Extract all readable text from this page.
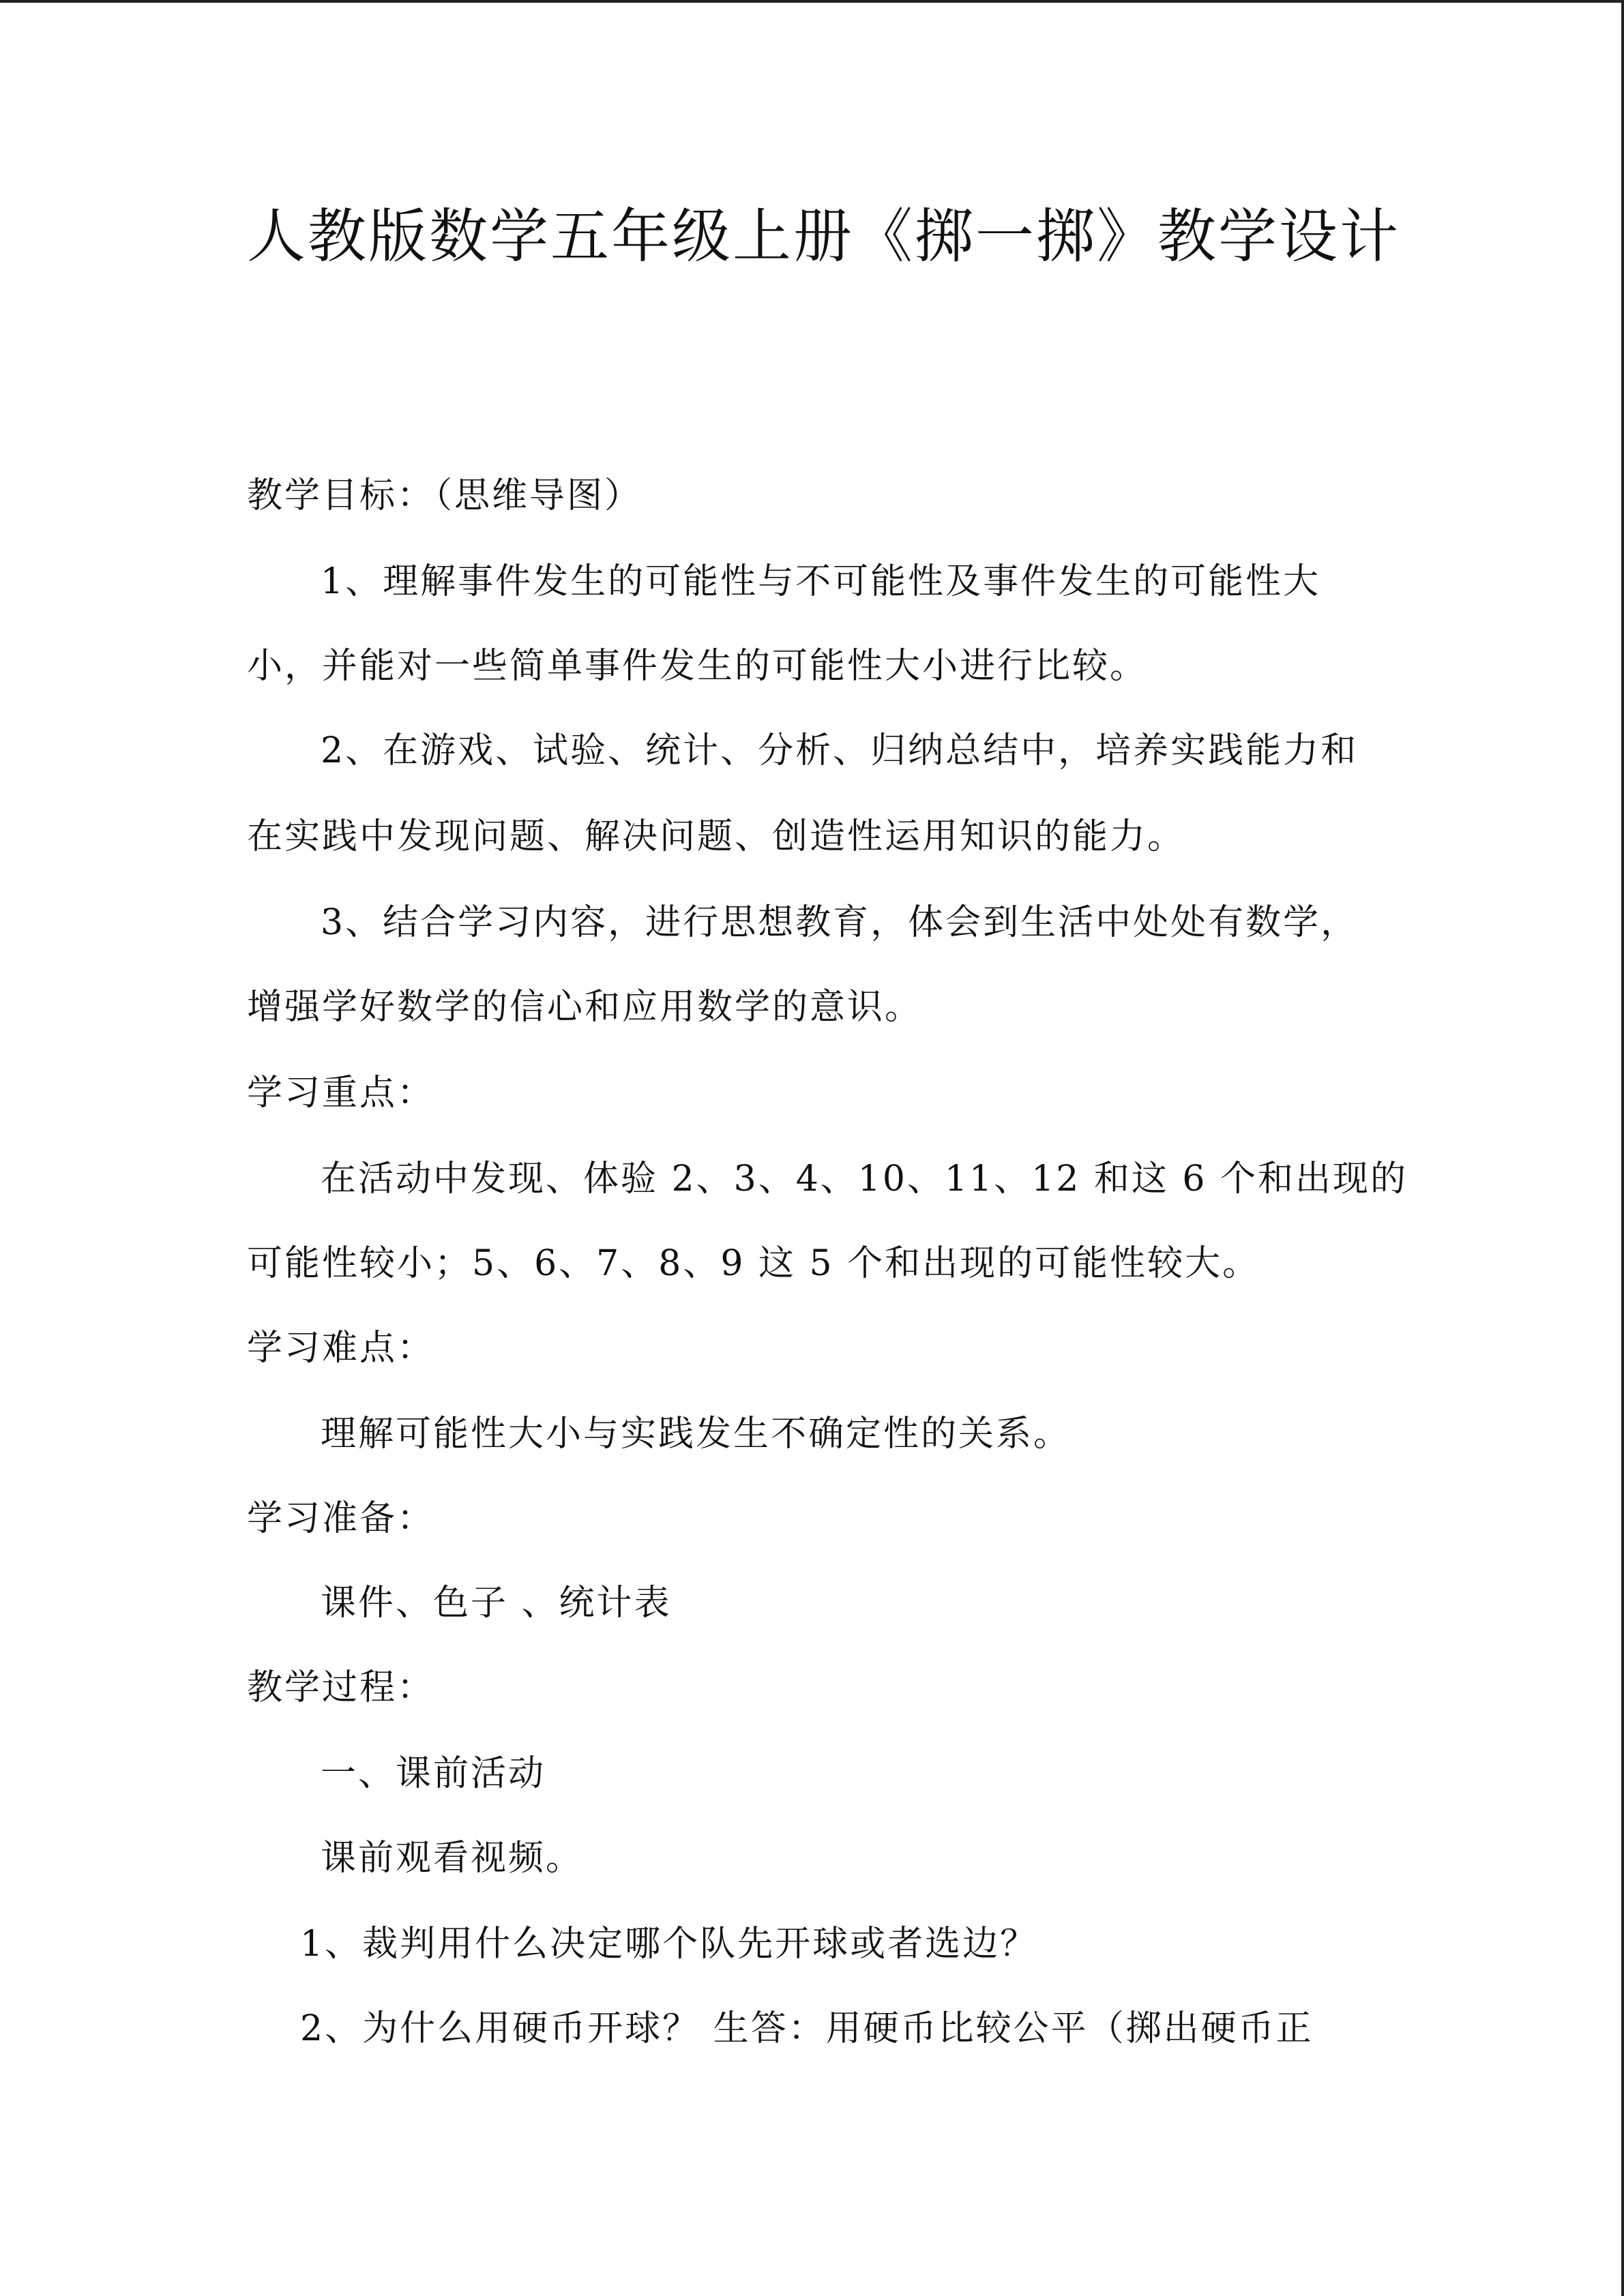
人教版数学五年级上册《掷一掷》教学设计
教学目标：（思维导图）
1、理解事件发生的可能性与不可能性及事件发生的可能性大
小，并能对一些简单事件发生的可能性大小进行比较。
2、在游戏、试验、统计、分析、归纳总结中，培养实践能力和
在实践中发现问题、解决问题、创造性运用知识的能力。
3、结合学习内容，进行思想教育，体会到生活中处处有数学，
增强学好数学的信心和应用数学的意识。
学习重点：
在活动中发现、体验 2、3、4、10、11、12 和这 6 个和出现的
可能性较小；5、6、7、8、9 这 5 个和出现的可能性较大。
学习难点：
理解可能性大小与实践发生不确定性的关系。
学习准备：
课件、色子 、统计表
教学过程：
一、课前活动
课前观看视频。
1、裁判用什么决定哪个队先开球或者选边？
2、为什么用硬币开球？ 生答：用硬币比较公平（掷出硬币正
